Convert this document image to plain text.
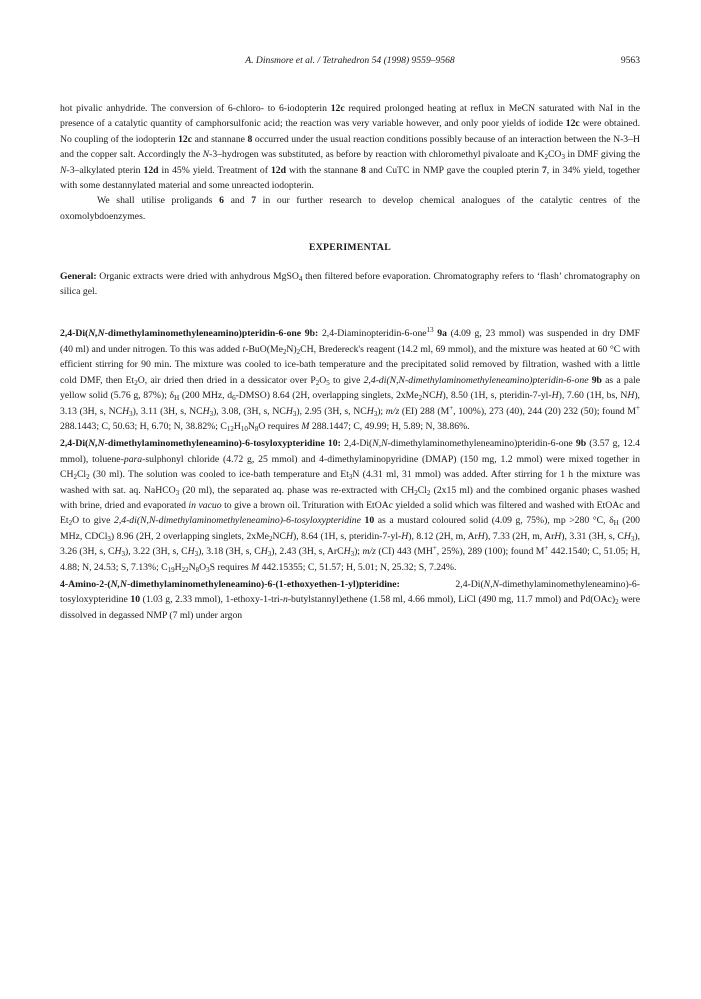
A. Dinsmore et al. / Tetrahedron 54 (1998) 9559–9568	9563

hot pivalic anhydride. The conversion of 6-chloro- to 6-iodopterin 12c required prolonged heating at reflux in MeCN saturated with NaI in the presence of a catalytic quantity of camphorsulfonic acid; the reaction was very variable however, and only poor yields of iodide 12c were obtained. No coupling of the iodopterin 12c and stannane 8 occurred under the usual reaction conditions possibly because of an interaction between the N-3–H and the copper salt. Accordingly the N-3–hydrogen was substituted, as before by reaction with chloromethyl pivaloate and $K_2CO_3$ in DMF giving the N-3–alkylated pterin 12d in 45% yield. Treatment of 12d with the stannane 8 and CuTC in NMP gave the coupled pterin 7, in 34% yield, together with some destannylated material and some unreacted iodopterin.

We shall utilise proligands 6 and 7 in our further research to develop chemical analogues of the catalytic centres of the oxomolybdoenzymes.

EXPERIMENTAL

General: Organic extracts were dried with anhydrous MgSO$_4$ then filtered before evaporation. Chromatography refers to ‘flash’ chromatography on silica gel.

2,4-Di(N,N-dimethylaminomethyleneamino)pteridin-6-one 9b: 2,4-Diaminopteridin-6-one$^{13}$ 9a (4.09 g, 23 mmol) was suspended in dry DMF (40 ml) and under nitrogen. To this was added $t-BuO(Me_2N)_2CH$, Bredereck's reagent (14.2 ml, 69 mmol), and the mixture was heated at 60 °C with efficient stirring for 90 min. The mixture was cooled to ice-bath temperature and the precipitated solid removed by filtration, washed with a little cold DMF, then $Et_2O$, air dried then dried in a dessicator over $P_2O_5$ to give 2,4-di(N,N-dimethylaminomethyleneamino)pteridin-6-one 9b as a pale yellow solid (5.76 g, 87%); $\delta_H$ (200 MHz, $d_6-DMSO$) 8.64 (2H, overlapping singlets, 2xMe$_2$NCH), 8.50 (1H, s, pteridin-7-yl-H), 7.60 (1H, bs, NH), 3.13 (3H, s, $NCH_3$), 3.11 (3H, s, $NCH_3$), 3.08, (3H, s, $NCH_3$), 2.95 (3H, s, $NCH_3$); m/z (EI) 288 (M+, 100%), 273 (40), 244 (20) 232 (50); found M+ 288.1443; C, 50.63; H, 6.70; N, 38.82%; $C_{12}H_{10}N_8O$ requires M 288.1447; C, 49.99; H, 5.89; N, 38.86%.

2,4-Di(N,N-dimethylaminomethyleneamino)-6-tosyloxypteridine 10: 2,4-Di(N,N-dimethylaminomethyleneamino)pteridin-6-one 9b (3.57 g, 12.4 mmol), toluene-para-sulphonyl chloride (4.72 g, 25 mmol) and 4-dimethylaminopyridine (DMAP) (150 mg, 1.2 mmol) were mixed together in $CH_2Cl_2$ (30 ml). The solution was cooled to ice-bath temperature and $Et_3N$ (4.31 ml, 31 mmol) was added. After stirring for 1 h the mixture was washed with sat. aq. NaHCO$_3$ (20 ml), the separated aq. phase was re-extracted with $CH_2Cl_2$ (2x15 ml) and the combined organic phases washed with brine, dried and evaporated in vacuo to give a brown oil. Trituration with EtOAc yielded a solid which was filtered and washed with EtOAc and $Et_2O$ to give 2,4-di(N,N-dimethylaminomethyleneamino)-6-tosyloxypteridine 10 as a mustard coloured solid (4.09 g, 75%), mp >280 °C, $\delta_H$ (200 MHz, CDCl$_3$) 8.96 (2H, 2 overlapping singlets, 2xMe$_2$NCH), 8.64 (1H, s, pteridin-7-yl-H), 8.12 (2H, m, ArH), 7.33 (2H, m, ArH), 3.31 (3H, s, $CH_3$), 3.26 (3H, s, $CH_3$), 3.22 (3H, s, $CH_3$), 3.18 (3H, s, $CH_3$), 2.43 (3H, s, ArCH$_3$); m/z (CI) 443 (MH+, 25%), 289 (100); found M+ 442.1540; C, 51.05; H, 4.88; N, 24.53; S, 7.13%; $C_{19}H_{22}N_8O_3S$ requires M 442.15355; C, 51.57; H, 5.01; N, 25.32; S, 7.24%.

4-Amino-2-(N,N-dimethylaminomethyleneamino)-6-(1-ethoxyethen-1-yl)pteridine: 2,4-Di(N,N-dimethylaminomethyleneamino)-6-tosyloxypteridine 10 (1.03 g, 2.33 mmol), 1-ethoxy-1-tri-n-butylstannyl)ethene (1.58 ml, 4.66 mmol), LiCl (490 mg, 11.7 mmol) and $Pd(OAc)_2$ were dissolved in degassed NMP (7 ml) under argon
